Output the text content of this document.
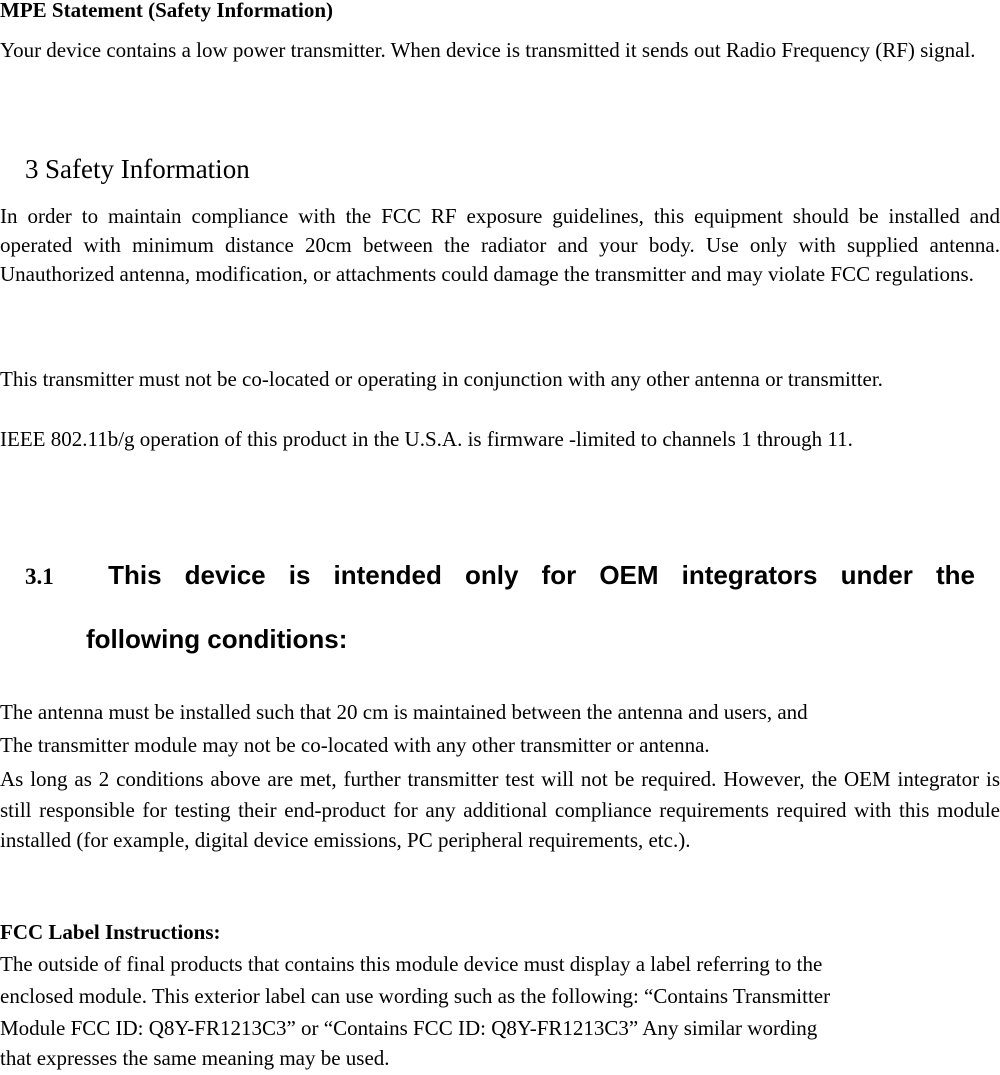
MPE Statement (Safety Information)
Your device contains a low power transmitter. When device is transmitted it sends out Radio Frequency (RF) signal.
3 Safety Information
In order to maintain compliance with the FCC RF exposure guidelines, this equipment should be installed and operated with minimum distance 20cm between the radiator and your body. Use only with supplied antenna. Unauthorized antenna, modification, or attachments could damage the transmitter and may violate FCC regulations.
This transmitter must not be co-located or operating in conjunction with any other antenna or transmitter.
IEEE 802.11b/g operation of this product in the U.S.A. is firmware -limited to channels 1 through 11.
3.1	This device is intended only for OEM integrators under the
following conditions:
The antenna must be installed such that 20 cm is maintained between the antenna and users, and
The transmitter module may not be co-located with any other transmitter or antenna.
As long as 2 conditions above are met, further transmitter test will not be required. However, the OEM integrator is still responsible for testing their end-product for any additional compliance requirements required with this module installed (for example, digital device emissions, PC peripheral requirements, etc.).
FCC Label Instructions:
The outside of final products that contains this module device must display a label referring to the
enclosed module. This exterior label can use wording such as the following: “Contains Transmitter
Module FCC ID: Q8Y-FR1213C3” or “Contains FCC ID: Q8Y-FR1213C3” Any similar wording
that expresses the same meaning may be used.
